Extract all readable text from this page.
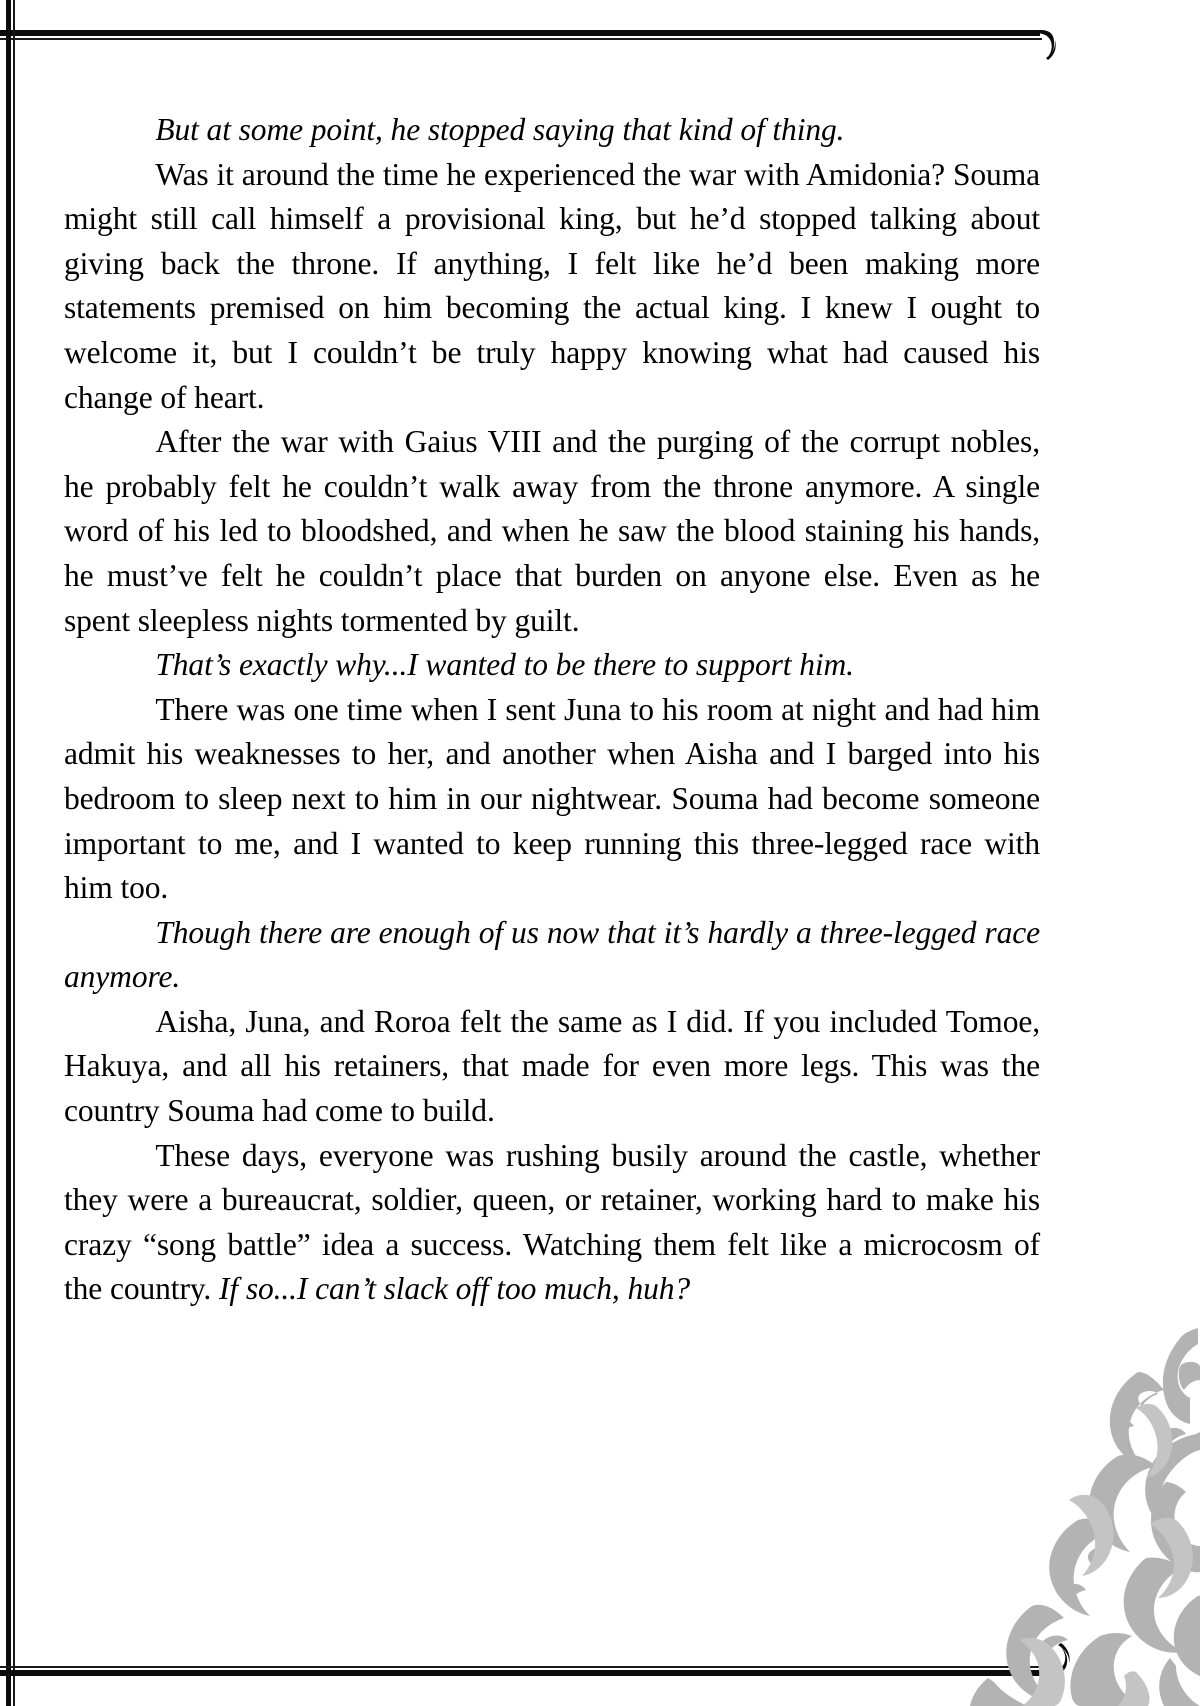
But at some point, he stopped saying that kind of thing.

Was it around the time he experienced the war with Amidonia? Souma might still call himself a provisional king, but he’d stopped talking about giving back the throne. If anything, I felt like he’d been making more statements premised on him becoming the actual king. I knew I ought to welcome it, but I couldn’t be truly happy knowing what had caused his change of heart.

After the war with Gaius VIII and the purging of the corrupt nobles, he probably felt he couldn’t walk away from the throne anymore. A single word of his led to bloodshed, and when he saw the blood staining his hands, he must’ve felt he couldn’t place that burden on anyone else. Even as he spent sleepless nights tormented by guilt.

That’s exactly why...I wanted to be there to support him.

There was one time when I sent Juna to his room at night and had him admit his weaknesses to her, and another when Aisha and I barged into his bedroom to sleep next to him in our nightwear. Souma had become someone important to me, and I wanted to keep running this three-legged race with him too.

Though there are enough of us now that it’s hardly a three-legged race anymore.

Aisha, Juna, and Roroa felt the same as I did. If you included Tomoe, Hakuya, and all his retainers, that made for even more legs. This was the country Souma had come to build.

These days, everyone was rushing busily around the castle, whether they were a bureaucrat, soldier, queen, or retainer, working hard to make his crazy “song battle” idea a success. Watching them felt like a microcosm of the country. If so...I can’t slack off too much, huh?
